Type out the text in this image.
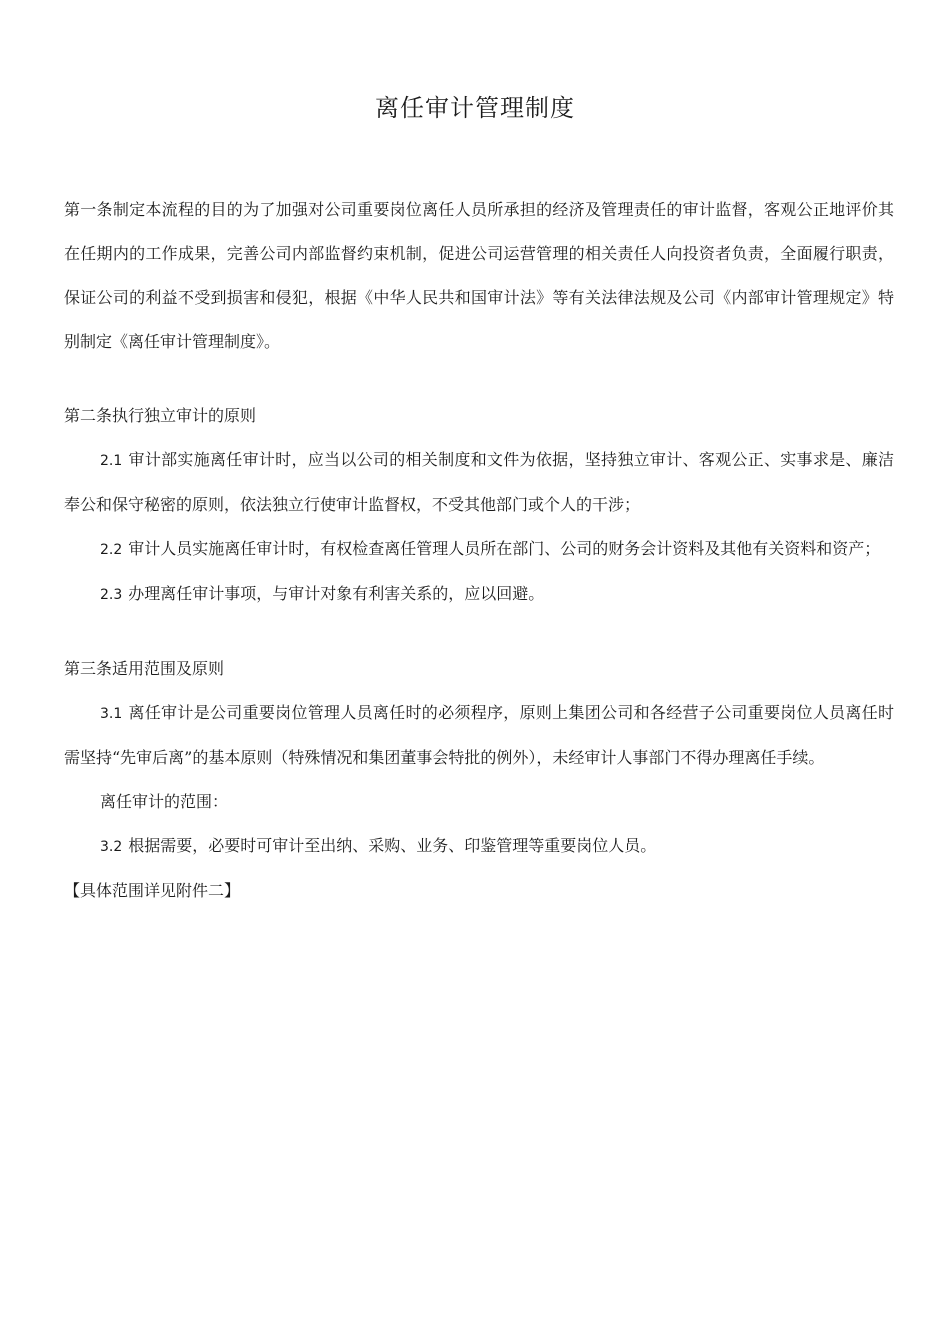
离任审计管理制度

第一条制定本流程的目的为了加强对公司重要岗位离任人员所承担的经济及管理责任的审计监督，客观公正地评价其在任期内的工作成果，完善公司内部监督约束机制，促进公司运营管理的相关责任人向投资者负责，全面履行职责，保证公司的利益不受到损害和侵犯，根据《中华人民共和国审计法》等有关法律法规及公司《内部审计管理规定》特别制定《离任审计管理制度》。

第二条执行独立审计的原则

2.1 审计部实施离任审计时，应当以公司的相关制度和文件为依据，坚持独立审计、客观公正、实事求是、廉洁奉公和保守秘密的原则，依法独立行使审计监督权，不受其他部门或个人的干涉；

2.2 审计人员实施离任审计时，有权检查离任管理人员所在部门、公司的财务会计资料及其他有关资料和资产；

2.3 办理离任审计事项，与审计对象有利害关系的，应以回避。

第三条适用范围及原则

3.1 离任审计是公司重要岗位管理人员离任时的必须程序，原则上集团公司和各经营子公司重要岗位人员离任时需坚持“先审后离”的基本原则（特殊情况和集团董事会特批的例外），未经审计人事部门不得办理离任手续。

离任审计的范围：

3.2 根据需要，必要时可审计至出纳、采购、业务、印鉴管理等重要岗位人员。

【具体范围详见附件二】
